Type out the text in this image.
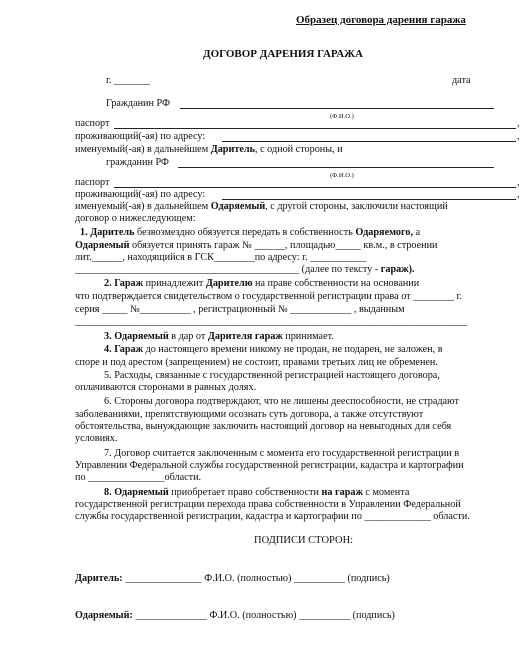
Образец договора дарения гаража
ДОГОВОР ДАРЕНИЯ ГАРАЖА
г. _______	дата
Гражданин РФ
(Ф.И.О.)
паспорт	,
проживающий(-ая) по адресу:	,
именуемый(-ая) в дальнейшем Даритель, с одной стороны, и
гражданин РФ
(Ф.И.О.)
паспорт	,
проживающий(-ая) по адресу:	,
именуемый(-ая) в дальнейшем Одаряемый, с другой стороны, заключили настоящий
договор о нижеследующем:
1. Даритель безвозмездно обязуется передать в собственность Одаряемого, а
Одаряемый обязуется принять гараж № ______, площадью_____ кв.м., в строении
лит.______, находящийся в ГСК________по адресу: г. ___________
____________________________________________ (далее по тексту - гараж).
2. Гараж принадлежит Дарителю на праве собственности на основании
что подтверждается свидетельством о государственной регистрации права от ________ г.
серия _____ №__________ , регистрационный № ____________ , выданным
_____________________________________________________________________________
3. Одаряемый в дар от Дарителя гараж принимает.
4. Гараж до настоящего времени никому не продан, не подарен, не заложен, в
споре и под арестом (запрещением) не состоит, правами третьих лиц не обременен.
5. Расходы, связанные с государственной регистрацией настоящего договора,
оплачиваются сторонами в равных долях.
6. Стороны договора подтверждают, что не лишены дееспособности, не страдают
заболеваниями, препятствующими осознать суть договора, а также отсутствуют
обстоятельства, вынуждающие заключить настоящий договор на невыгодных для себя
условиях.
7. Договор считается заключенным с момента его государственной регистрации в
Управлении Федеральной службы государственной регистрации, кадастра и картографии
по _______________области.
8. Одаряемый приобретает право собственности на гараж с момента
государственной регистрации перехода права собственности в Управлении Федеральной
службы государственной регистрации, кадастра и картографии по _____________ области.
ПОДПИСИ СТОРОН:
Даритель: _______________ Ф.И.О. (полностью) __________ (подпись)
Одаряемый: ______________ Ф.И.О. (полностью) __________ (подпись)
